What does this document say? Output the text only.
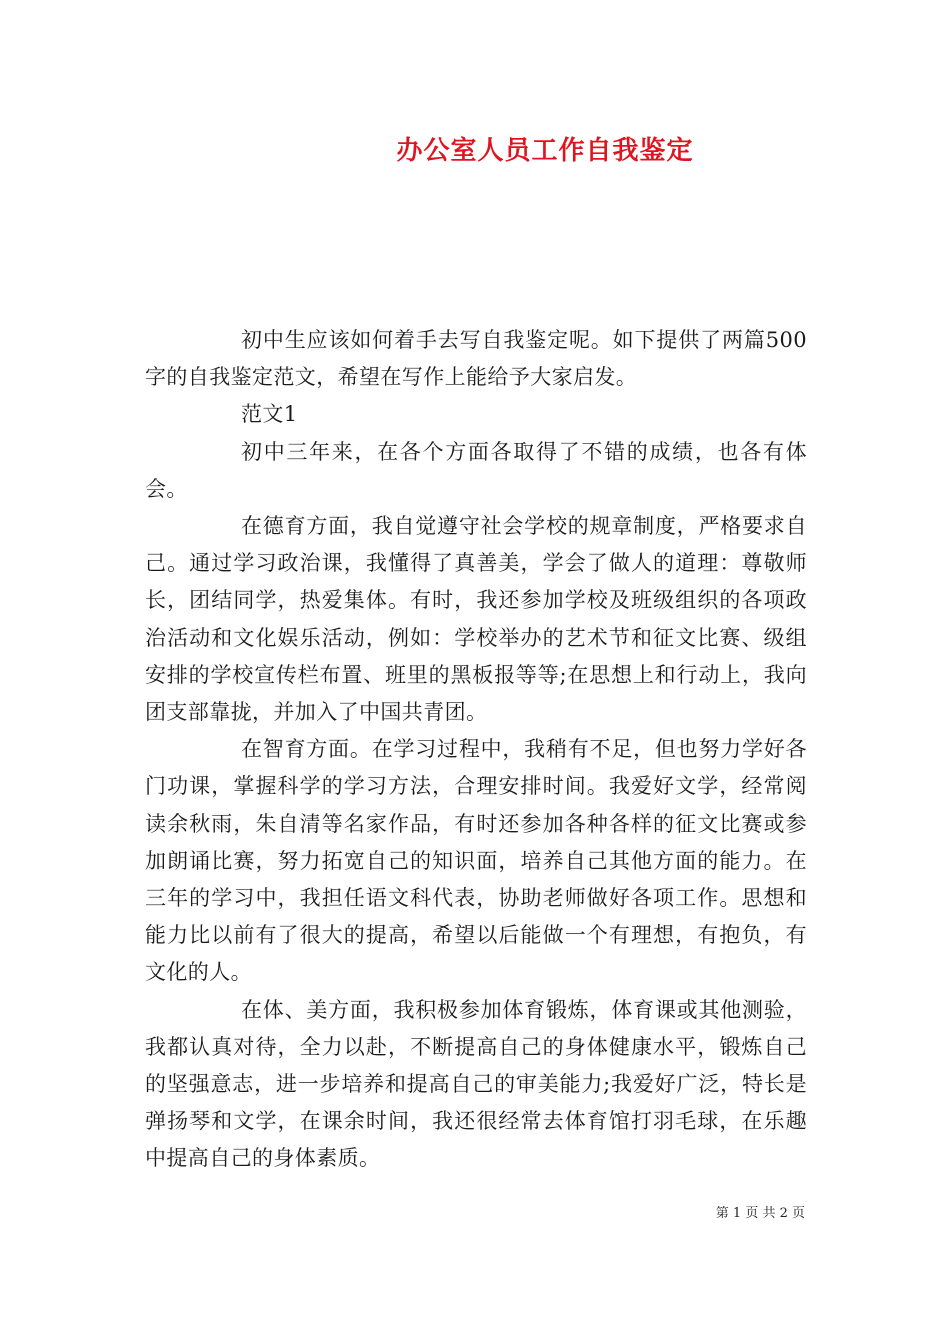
办公室人员工作自我鉴定

初中生应该如何着手去写自我鉴定呢。如下提供了两篇500字的自我鉴定范文，希望在写作上能给予大家启发。

范文1

初中三年来，在各个方面各取得了不错的成绩，也各有体会。

在德育方面，我自觉遵守社会学校的规章制度，严格要求自己。通过学习政治课，我懂得了真善美，学会了做人的道理：尊敬师长，团结同学，热爱集体。有时，我还参加学校及班级组织的各项政治活动和文化娱乐活动，例如：学校举办的艺术节和征文比赛、级组安排的学校宣传栏布置、班里的黑板报等等;在思想上和行动上，我向团支部靠拢，并加入了中国共青团。

在智育方面。在学习过程中，我稍有不足，但也努力学好各门功课，掌握科学的学习方法，合理安排时间。我爱好文学，经常阅读余秋雨，朱自清等名家作品，有时还参加各种各样的征文比赛或参加朗诵比赛，努力拓宽自己的知识面，培养自己其他方面的能力。在三年的学习中，我担任语文科代表，协助老师做好各项工作。思想和能力比以前有了很大的提高，希望以后能做一个有理想，有抱负，有文化的人。

在体、美方面，我积极参加体育锻炼，体育课或其他测验，我都认真对待，全力以赴，不断提高自己的身体健康水平，锻炼自己的坚强意志，进一步培养和提高自己的审美能力;我爱好广泛，特长是弹扬琴和文学，在课余时间，我还很经常去体育馆打羽毛球，在乐趣中提高自己的身体素质。

第 1 页 共 2 页
